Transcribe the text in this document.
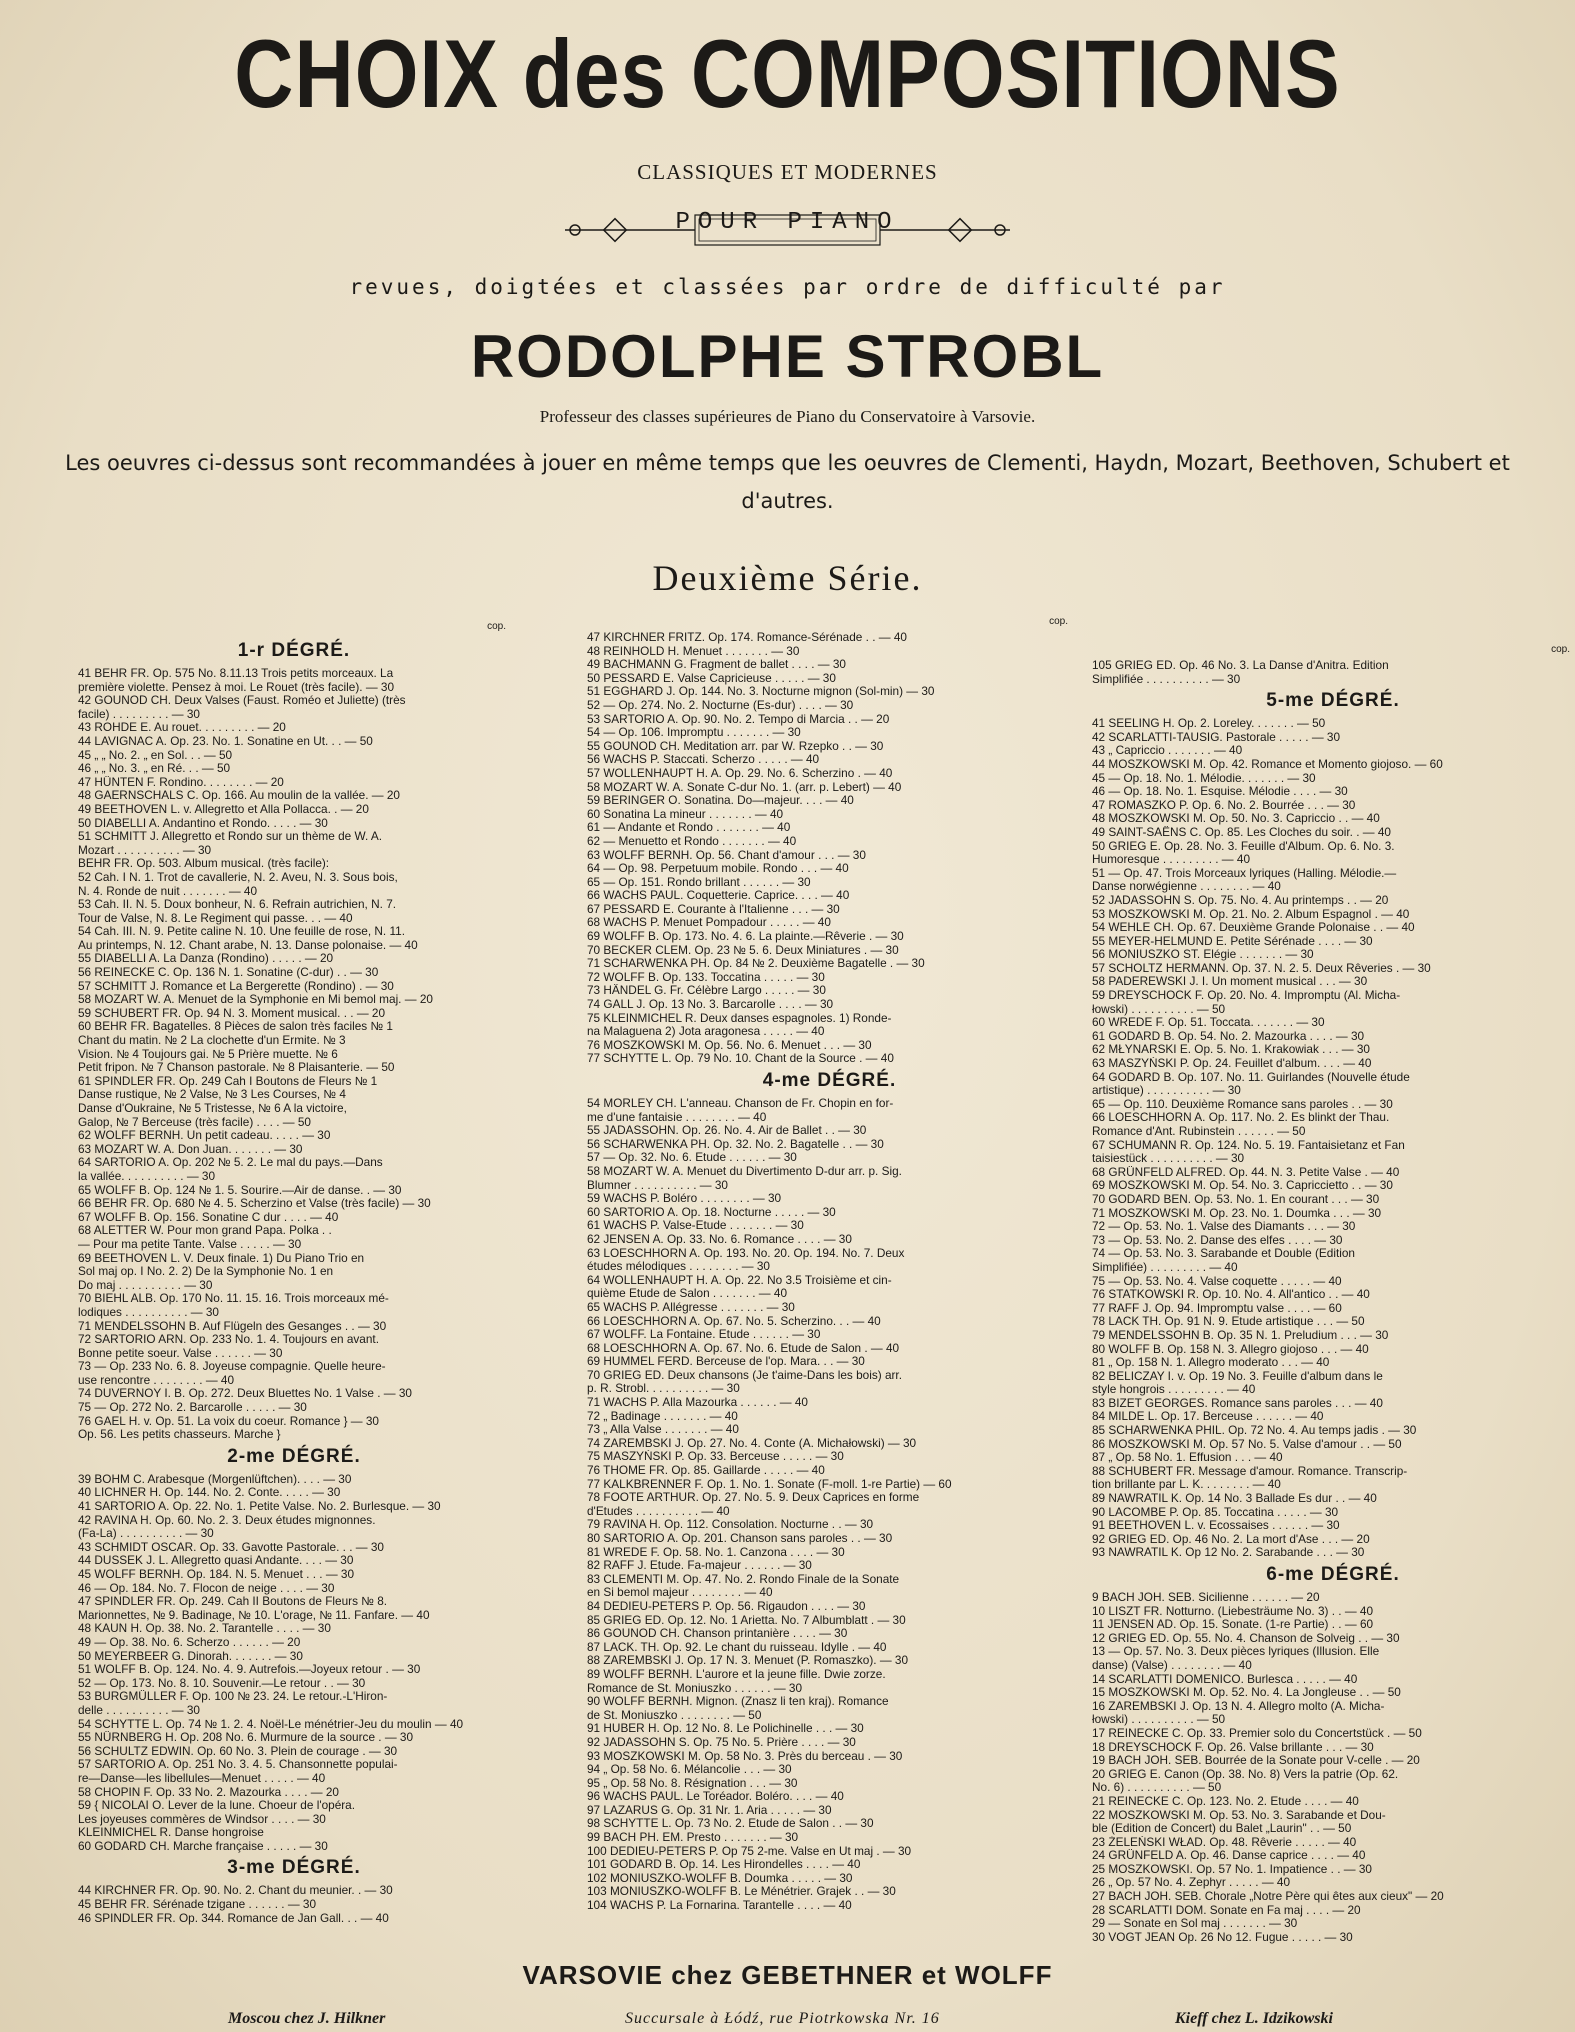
CHOIX des COMPOSITIONS
CLASSIQUES ET MODERNES
POUR PIANO
revues, doigtées et classées par ordre de difficulté par
RODOLPHE STROBL
Professeur des classes supérieures de Piano du Conservatoire à Varsovie.
Les oeuvres ci-dessus sont recommandées à jouer en même temps que les oeuvres de Clementi, Haydn, Mozart, Beethoven, Schubert et d'autres.
Deuxième Série.
cop.
1-r DÉGRÉ.
41 BEHR FR. Op. 575 No. 8.11.13 Trois petits morceaux. La
première violette. Pensez à moi. Le Rouet (très facile). — 30
42 GOUNOD CH. Deux Valses (Faust. Roméo et Juliette) (très
facile) . . . . . . . . . — 30
43 ROHDE E. Au rouet. . . . . . . . . — 20
44 LAVIGNAC A. Op. 23. No. 1. Sonatine en Ut. . . — 50
45 „ „ No. 2. „ en Sol. . . — 50
46 „ „ No. 3. „ en Ré. . . — 50
47 HÜNTEN F. Rondino. . . . . . . . — 20
48 GAERNSCHALS C. Op. 166. Au moulin de la vallée. — 20
49 BEETHOVEN L. v. Allegretto et Alla Pollacca. . — 20
50 DIABELLI A. Andantino et Rondo. . . . . — 30
51 SCHMITT J. Allegretto et Rondo sur un thème de W. A.
Mozart . . . . . . . . . . — 30
BEHR FR. Op. 503. Album musical. (très facile):
52 Cah. I N. 1. Trot de cavallerie, N. 2. Aveu, N. 3. Sous bois,
N. 4. Ronde de nuit . . . . . . . — 40
53 Cah. II. N. 5. Doux bonheur, N. 6. Refrain autrichien, N. 7.
Tour de Valse, N. 8. Le Regiment qui passe. . . — 40
54 Cah. III. N. 9. Petite caline N. 10. Une feuille de rose, N. 11.
Au printemps, N. 12. Chant arabe, N. 13. Danse polonaise. — 40
55 DIABELLI A. La Danza (Rondino) . . . . . — 20
56 REINECKE C. Op. 136 N. 1. Sonatine (C-dur) . . — 30
57 SCHMITT J. Romance et La Bergerette (Rondino) . — 30
58 MOZART W. A. Menuet de la Symphonie en Mi bemol maj. — 20
59 SCHUBERT FR. Op. 94 N. 3. Moment musical. . . — 20
60 BEHR FR. Bagatelles. 8 Pièces de salon très faciles № 1
Chant du matin. № 2 La clochette d'un Ermite. № 3
Vision. № 4 Toujours gai. № 5 Prière muette. № 6
Petit fripon. № 7 Chanson pastorale. № 8 Plaisanterie. — 50
61 SPINDLER FR. Op. 249 Cah I Boutons de Fleurs № 1
Danse rustique, № 2 Valse, № 3 Les Courses, № 4
Danse d'Oukraine, № 5 Tristesse, № 6 A la victoire,
Galop, № 7 Berceuse (très facile) . . . . — 50
62 WOLFF BERNH. Un petit cadeau. . . . . — 30
63 MOZART W. A. Don Juan. . . . . . . — 30
64 SARTORIO A. Op. 202 № 5. 2. Le mal du pays.—Dans
la vallée. . . . . . . . . . — 30
65 WOLFF B. Op. 124 № 1. 5. Sourire.—Air de danse. . — 30
66 BEHR FR. Op. 680 № 4. 5. Scherzino et Valse (très facile) — 30
67 WOLFF B. Op. 156. Sonatine C dur . . . . — 40
68 ALETTER W. Pour mon grand Papa. Polka . .
— Pour ma petite Tante. Valse . . . . . — 30
69 BEETHOVEN L. V. Deux finale. 1) Du Piano Trio en
Sol maj op. I No. 2. 2) De la Symphonie No. 1 en
Do maj . . . . . . . . . . — 30
70 BIEHL ALB. Op. 170 No. 11. 15. 16. Trois morceaux mé-
lodiques . . . . . . . . . . — 30
71 MENDELSSOHN B. Auf Flügeln des Gesanges . . — 30
72 SARTORIO ARN. Op. 233 No. 1. 4. Toujours en avant.
Bonne petite soeur. Valse . . . . . . — 30
73 — Op. 233 No. 6. 8. Joyeuse compagnie. Quelle heure-
use rencontre . . . . . . . . — 40
74 DUVERNOY I. B. Op. 272. Deux Bluettes No. 1 Valse . — 30
75 — Op. 272 No. 2. Barcarolle . . . . . — 30
76 GAEL H. v. Op. 51. La voix du coeur. Romance } — 30
Op. 56. Les petits chasseurs. Marche }
2-me DÉGRÉ.
39 BOHM C. Arabesque (Morgenlüftchen). . . . — 30
40 LICHNER H. Op. 144. No. 2. Conte. . . . . — 30
41 SARTORIO A. Op. 22. No. 1. Petite Valse. No. 2. Burlesque. — 30
42 RAVINA H. Op. 60. No. 2. 3. Deux études mignonnes.
(Fa-La) . . . . . . . . . . — 30
43 SCHMIDT OSCAR. Op. 33. Gavotte Pastorale. . . — 30
44 DUSSEK J. L. Allegretto quasi Andante. . . . — 30
45 WOLFF BERNH. Op. 184. N. 5. Menuet . . . — 30
46 — Op. 184. No. 7. Flocon de neige . . . . — 30
47 SPINDLER FR. Op. 249. Cah II Boutons de Fleurs № 8.
Marionnettes, № 9. Badinage, № 10. L'orage, № 11. Fanfare. — 40
48 KAUN H. Op. 38. No. 2. Tarantelle . . . . — 30
49 — Op. 38. No. 6. Scherzo . . . . . . — 20
50 MEYERBEER G. Dinorah. . . . . . . — 30
51 WOLFF B. Op. 124. No. 4. 9. Autrefois.—Joyeux retour . — 30
52 — Op. 173. No. 8. 10. Souvenir.—Le retour . . — 30
53 BURGMÜLLER F. Op. 100 № 23. 24. Le retour.-L'Hiron-
delle . . . . . . . . . . — 30
54 SCHYTTE L. Op. 74 № 1. 2. 4. Noël-Le ménétrier-Jeu du moulin — 40
55 NÜRNBERG H. Op. 208 No. 6. Murmure de la source . — 30
56 SCHULTZ EDWIN. Op. 60 No. 3. Plein de courage . — 30
57 SARTORIO A. Op. 251 No. 3. 4. 5. Chansonnette populai-
re—Danse—les libellules—Menuet . . . . . — 40
58 CHOPIN F. Op. 33 No. 2. Mazourka . . . . — 20
59 { NICOLAI O. Lever de la lune. Choeur de l'opéra.
Les joyeuses commères de Windsor . . . . — 30
KLEINMICHEL R. Danse hongroise
60 GODARD CH. Marche française . . . . . — 30
3-me DÉGRÉ.
44 KIRCHNER FR. Op. 90. No. 2. Chant du meunier. . — 30
45 BEHR FR. Sérénade tzigane . . . . . . — 30
46 SPINDLER FR. Op. 344. Romance de Jan Gall. . . — 40
cop.
47 KIRCHNER FRITZ. Op. 174. Romance-Sérénade . . — 40
48 REINHOLD H. Menuet . . . . . . . — 30
49 BACHMANN G. Fragment de ballet . . . . — 30
50 PESSARD E. Valse Capricieuse . . . . . — 30
51 EGGHARD J. Op. 144. No. 3. Nocturne mignon (Sol-min) — 30
52 — Op. 274. No. 2. Nocturne (Es-dur) . . . . — 30
53 SARTORIO A. Op. 90. No. 2. Tempo di Marcia . . — 20
54 — Op. 106. Impromptu . . . . . . . — 30
55 GOUNOD CH. Meditation arr. par W. Rzepko . . — 30
56 WACHS P. Staccati. Scherzo . . . . . — 40
57 WOLLENHAUPT H. A. Op. 29. No. 6. Scherzino . — 40
58 MOZART W. A. Sonate C-dur No. 1. (arr. p. Lebert) — 40
59 BERINGER O. Sonatina. Do—majeur. . . . — 40
60 Sonatina La mineur . . . . . . . — 40
61 — Andante et Rondo . . . . . . . — 40
62 — Menuetto et Rondo . . . . . . . — 40
63 WOLFF BERNH. Op. 56. Chant d'amour . . . — 30
64 — Op. 98. Perpetuum mobile. Rondo . . . — 40
65 — Op. 151. Rondo brillant . . . . . . — 30
66 WACHS PAUL. Coquetterie. Caprice. . . . — 40
67 PESSARD E. Courante à l'Italienne . . . — 30
68 WACHS P. Menuet Pompadour . . . . . — 40
69 WOLFF B. Op. 173. No. 4. 6. La plainte.—Rêverie . — 30
70 BECKER CLEM. Op. 23 № 5. 6. Deux Miniatures . — 30
71 SCHARWENKA PH. Op. 84 № 2. Deuxième Bagatelle . — 30
72 WOLFF B. Op. 133. Toccatina . . . . . — 30
73 HÄNDEL G. Fr. Célèbre Largo . . . . . — 30
74 GALL J. Op. 13 No. 3. Barcarolle . . . . — 30
75 KLEINMICHEL R. Deux danses espagnoles. 1) Ronde-
na Malaguena 2) Jota aragonesa . . . . . — 40
76 MOSZKOWSKI M. Op. 56. No. 6. Menuet . . . — 30
77 SCHYTTE L. Op. 79 No. 10. Chant de la Source . — 40
4-me DÉGRÉ.
54 MORLEY CH. L'anneau. Chanson de Fr. Chopin en for-
me d'une fantaisie . . . . . . . . — 40
55 JADASSOHN. Op. 26. No. 4. Air de Ballet . . — 30
56 SCHARWENKA PH. Op. 32. No. 2. Bagatelle . . — 30
57 — Op. 32. No. 6. Etude . . . . . . — 30
58 MOZART W. A. Menuet du Divertimento D-dur arr. p. Sig.
Blumner . . . . . . . . . . — 30
59 WACHS P. Boléro . . . . . . . . — 30
60 SARTORIO A. Op. 18. Nocturne . . . . . — 30
61 WACHS P. Valse-Etude . . . . . . . — 30
62 JENSEN A. Op. 33. No. 6. Romance . . . . — 30
63 LOESCHHORN A. Op. 193. No. 20. Op. 194. No. 7. Deux
études mélodiques . . . . . . . . — 30
64 WOLLENHAUPT H. A. Op. 22. No 3.5 Troisième et cin-
quième Etude de Salon . . . . . . . — 40
65 WACHS P. Allégresse . . . . . . . — 30
66 LOESCHHORN A. Op. 67. No. 5. Scherzino. . . — 40
67 WOLFF. La Fontaine. Etude . . . . . . — 30
68 LOESCHHORN A. Op. 67. No. 6. Etude de Salon . — 40
69 HUMMEL FERD. Berceuse de l'op. Mara. . . — 30
70 GRIEG ED. Deux chansons (Je t'aime-Dans les bois) arr.
p. R. Strobl. . . . . . . . . . — 30
71 WACHS P. Alla Mazourka . . . . . . — 40
72 „ Badinage . . . . . . . — 40
73 „ Alla Valse . . . . . . . — 40
74 ZAREMBSKI J. Op. 27. No. 4. Conte (A. Michałowski) — 30
75 MASZYŃSKI P. Op. 33. Berceuse . . . . . — 30
76 THOME FR. Op. 85. Gaillarde . . . . . — 40
77 KALKBRENNER F. Op. 1. No. 1. Sonate (F-moll. 1-re Partie) — 60
78 FOOTE ARTHUR. Op. 27. No. 5. 9. Deux Caprices en forme
d'Etudes . . . . . . . . . . — 40
79 RAVINA H. Op. 112. Consolation. Nocturne . . — 30
80 SARTORIO A. Op. 201. Chanson sans paroles . . — 30
81 WREDE F. Op. 58. No. 1. Canzona . . . . — 30
82 RAFF J. Etude. Fa-majeur . . . . . . — 30
83 CLEMENTI M. Op. 47. No. 2. Rondo Finale de la Sonate
en Si bemol majeur . . . . . . . . — 40
84 DEDIEU-PETERS P. Op. 56. Rigaudon . . . . — 30
85 GRIEG ED. Op. 12. No. 1 Arietta. No. 7 Albumblatt . — 30
86 GOUNOD CH. Chanson printanière . . . . — 30
87 LACK. TH. Op. 92. Le chant du ruisseau. Idylle . — 40
88 ZAREMBSKI J. Op. 17 N. 3. Menuet (P. Romaszko). — 30
89 WOLFF BERNH. L'aurore et la jeune fille. Dwie zorze.
Romance de St. Moniuszko . . . . . . — 30
90 WOLFF BERNH. Mignon. (Znasz li ten kraj). Romance
de St. Moniuszko . . . . . . . . — 50
91 HUBER H. Op. 12 No. 8. Le Polichinelle . . . — 30
92 JADASSOHN S. Op. 75 No. 5. Prière . . . . — 30
93 MOSZKOWSKI M. Op. 58 No. 3. Près du berceau . — 30
94 „ Op. 58 No. 6. Mélancolie . . . — 30
95 „ Op. 58 No. 8. Résignation . . . — 30
96 WACHS PAUL. Le Toréador. Boléro. . . . — 40
97 LAZARUS G. Op. 31 Nr. 1. Aria . . . . . — 30
98 SCHYTTE L. Op. 73 No. 2. Etude de Salon . . — 30
99 BACH PH. EM. Presto . . . . . . . — 30
100 DEDIEU-PETERS P. Op 75 2-me. Valse en Ut maj . — 30
101 GODARD B. Op. 14. Les Hirondelles . . . . — 40
102 MONIUSZKO-WOLFF B. Doumka . . . . . — 30
103 MONIUSZKO-WOLFF B. Le Ménétrier. Grajek . . — 30
104 WACHS P. La Fornarina. Tarantelle . . . . — 40
cop.
105 GRIEG ED. Op. 46 No. 3. La Danse d'Anitra. Edition
Simplifiée . . . . . . . . . . — 30
5-me DÉGRÉ.
41 SEELING H. Op. 2. Loreley. . . . . . . — 50
42 SCARLATTI-TAUSIG. Pastorale . . . . . — 30
43 „ Capriccio . . . . . . . — 40
44 MOSZKOWSKI M. Op. 42. Romance et Momento giojoso. — 60
45 — Op. 18. No. 1. Mélodie. . . . . . . — 30
46 — Op. 18. No. 1. Esquise. Mélodie . . . . — 30
47 ROMASZKO P. Op. 6. No. 2. Bourrée . . . — 30
48 MOSZKOWSKI M. Op. 50. No. 3. Capriccio . . — 40
49 SAINT-SAËNS C. Op. 85. Les Cloches du soir. . — 40
50 GRIEG E. Op. 28. No. 3. Feuille d'Album. Op. 6. No. 3.
Humoresque . . . . . . . . . — 40
51 — Op. 47. Trois Morceaux lyriques (Halling. Mélodie.—
Danse norwégienne . . . . . . . . — 40
52 JADASSOHN S. Op. 75. No. 4. Au printemps . . — 20
53 MOSZKOWSKI M. Op. 21. No. 2. Album Espagnol . — 40
54 WEHLE CH. Op. 67. Deuxième Grande Polonaise . . — 40
55 MEYER-HELMUND E. Petite Sérénade . . . . — 30
56 MONIUSZKO ST. Elégie . . . . . . . — 30
57 SCHOLTZ HERMANN. Op. 37. N. 2. 5. Deux Rêveries . — 30
58 PADEREWSKI J. I. Un moment musical . . . — 30
59 DREYSCHOCK F. Op. 20. No. 4. Impromptu (Al. Micha-
łowski) . . . . . . . . . . — 50
60 WREDE F. Op. 51. Toccata. . . . . . . — 30
61 GODARD B. Op. 54. No. 2. Mazourka . . . . — 30
62 MŁYNARSKI E. Op. 5. No. 1. Krakowiak . . . — 30
63 MASZYŃSKI P. Op. 24. Feuillet d'album. . . . — 40
64 GODARD B. Op. 107. No. 11. Guirlandes (Nouvelle étude
artistique) . . . . . . . . . . — 30
65 — Op. 110. Deuxième Romance sans paroles . . — 30
66 LOESCHHORN A. Op. 117. No. 2. Es blinkt der Thau.
Romance d'Ant. Rubinstein . . . . . . — 50
67 SCHUMANN R. Op. 124. No. 5. 19. Fantaisietanz et Fan
taisiestück . . . . . . . . . . — 30
68 GRÜNFELD ALFRED. Op. 44. N. 3. Petite Valse . — 40
69 MOSZKOWSKI M. Op. 54. No. 3. Capriccietto . . — 30
70 GODARD BEN. Op. 53. No. 1. En courant . . . — 30
71 MOSZKOWSKI M. Op. 23. No. 1. Doumka . . . — 30
72 — Op. 53. No. 1. Valse des Diamants . . . — 30
73 — Op. 53. No. 2. Danse des elfes . . . . — 30
74 — Op. 53. No. 3. Sarabande et Double (Edition
Simplifiée) . . . . . . . . . — 40
75 — Op. 53. No. 4. Valse coquette . . . . . — 40
76 STATKOWSKI R. Op. 10. No. 4. All'antico . . — 40
77 RAFF J. Op. 94. Impromptu valse . . . . — 60
78 LACK TH. Op. 91 N. 9. Etude artistique . . . — 50
79 MENDELSSOHN B. Op. 35 N. 1. Preludium . . . — 30
80 WOLFF B. Op. 158 N. 3. Allegro giojoso . . . — 40
81 „ Op. 158 N. 1. Allegro moderato . . . — 40
82 BELICZAY I. v. Op. 19 No. 3. Feuille d'album dans le
style hongrois . . . . . . . . . — 40
83 BIZET GEORGES. Romance sans paroles . . . — 40
84 MILDE L. Op. 17. Berceuse . . . . . . — 40
85 SCHARWENKA PHIL. Op. 72 No. 4. Au temps jadis . — 30
86 MOSZKOWSKI M. Op. 57 No. 5. Valse d'amour . . — 50
87 „ Op. 58 No. 1. Effusion . . . — 40
88 SCHUBERT FR. Message d'amour. Romance. Transcrip-
tion brillante par L. K. . . . . . . . — 40
89 NAWRATIL K. Op. 14 No. 3 Ballade Es dur . . — 40
90 LACOMBE P. Op. 85. Toccatina . . . . . — 30
91 BEETHOVEN L. v. Ecossaises . . . . . . — 30
92 GRIEG ED. Op. 46 No. 2. La mort d'Ase . . . — 20
93 NAWRATIL K. Op 12 No. 2. Sarabande . . . — 30
6-me DÉGRÉ.
9 BACH JOH. SEB. Sicilienne . . . . . . — 20
10 LISZT FR. Notturno. (Liebesträume No. 3) . . — 40
11 JENSEN AD. Op. 15. Sonate. (1-re Partie) . . — 60
12 GRIEG ED. Op. 55. No. 4. Chanson de Solveig . . — 30
13 — Op. 57. No. 3. Deux pièces lyriques (Illusion. Elle
danse) (Valse) . . . . . . . . — 40
14 SCARLATTI DOMENICO. Burlesca . . . . . — 40
15 MOSZKOWSKI M. Op. 52. No. 4. La Jongleuse . . — 50
16 ZAREMBSKI J. Op. 13 N. 4. Allegro molto (A. Micha-
łowski) . . . . . . . . . . — 50
17 REINECKE C. Op. 33. Premier solo du Concertstück . — 50
18 DREYSCHOCK F. Op. 26. Valse brillante . . . — 30
19 BACH JOH. SEB. Bourrée de la Sonate pour V-celle . — 20
20 GRIEG E. Canon (Op. 38. No. 8) Vers la patrie (Op. 62.
No. 6) . . . . . . . . . . — 50
21 REINECKE C. Op. 123. No. 2. Etude . . . . — 40
22 MOSZKOWSKI M. Op. 53. No. 3. Sarabande et Dou-
ble (Edition de Concert) du Balet „Laurin" . . — 50
23 ŻELEŃSKI WŁAD. Op. 48. Rêverie . . . . . — 40
24 GRÜNFELD A. Op. 46. Danse caprice . . . . — 40
25 MOSZKOWSKI. Op. 57 No. 1. Impatience . . — 30
26 „ Op. 57 No. 4. Zephyr . . . . . — 40
27 BACH JOH. SEB. Chorale „Notre Père qui êtes aux cieux" — 20
28 SCARLATTI DOM. Sonate en Fa maj . . . . — 20
29 — Sonate en Sol maj . . . . . . . — 30
30 VOGT JEAN Op. 26 No 12. Fugue . . . . . — 30
VARSOVIE chez GEBETHNER et WOLFF
Moscou chez J. Hilkner	Succursale à Łódź, rue Piotrkowska Nr. 16	Kieff chez L. Idzikowski
